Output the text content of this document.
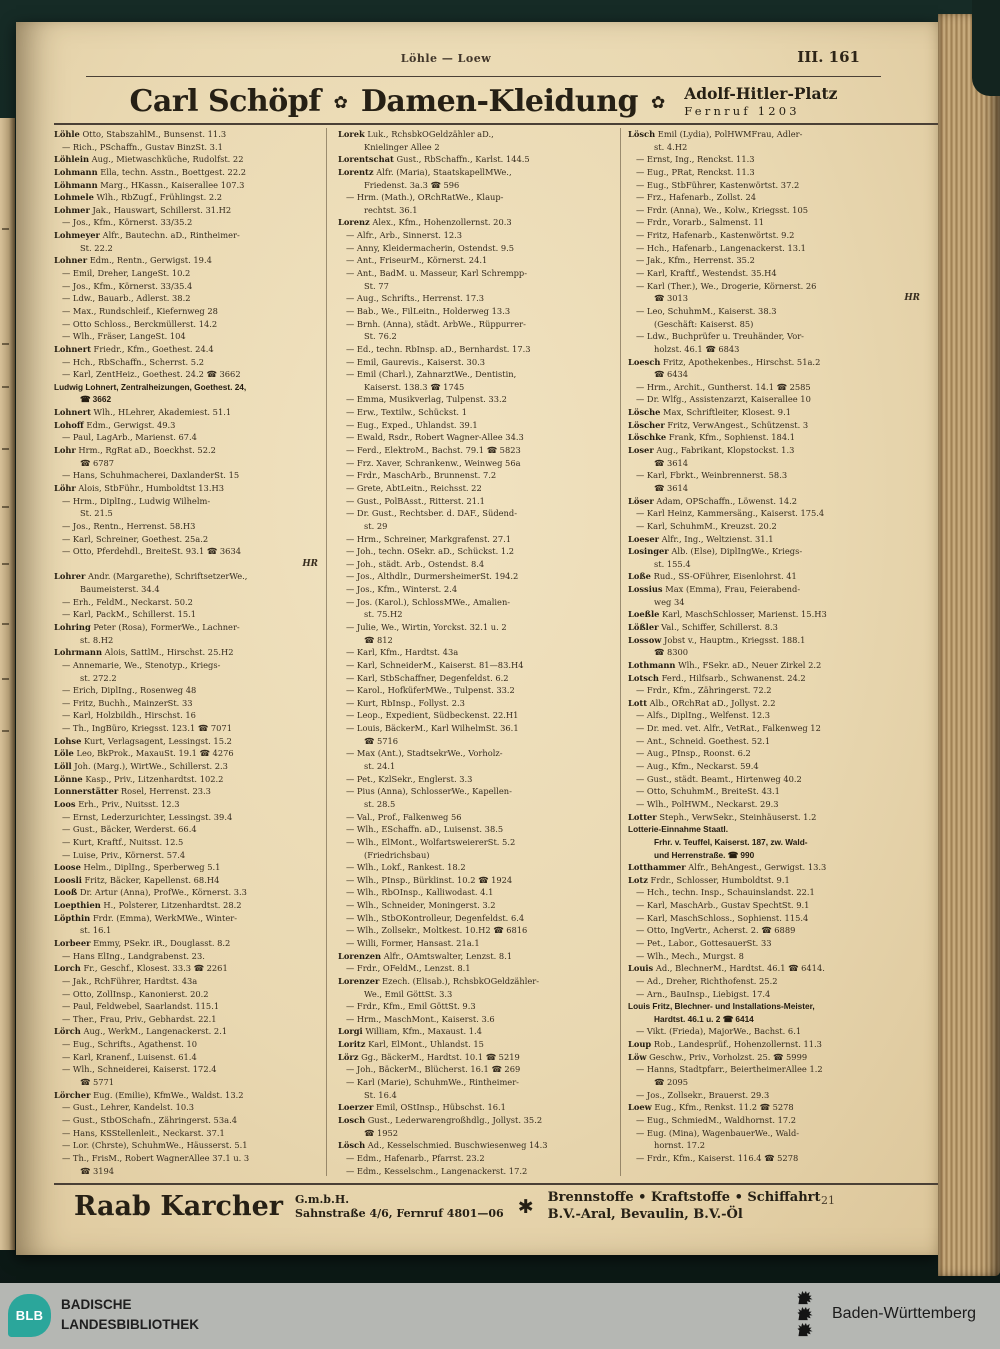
Löhle — Loew	III. 161
Carl Schöpf ✿ Damen-Kleidung ✿ Adolf-Hitler-Platz
Fernruf 1203
Löhle Otto, StabszahlM., Bunsenst. 11.3
— Rich., PSchaffn., Gustav BinzSt. 3.1
Löhlein Aug., Mietwaschküche, Rudolfst. 22
Lohmann Ella, techn. Asstn., Boettgest. 22.2
Löhmann Marg., HKassn., Kaiserallee 107.3
Lohmele Wlh., RbZugf., Frühlingst. 2.2
Lohmer Jak., Hauswart, Schillerst. 31.H2
— Jos., Kfm., Körnerst. 33/35.2
Lohmeyer Alfr., Bautechn. aD., Rintheimer-
St. 22.2
Lohner Edm., Rentn., Gerwigst. 19.4
— Emil, Dreher, LangeSt. 10.2
— Jos., Kfm., Körnerst. 33/35.4
— Ldw., Bauarb., Adlerst. 38.2
— Max., Rundschleif., Kiefernweg 28
— Otto Schloss., Berckmüllerst. 14.2
— Wlh., Fräser, LangeSt. 104
Lohnert Friedr., Kfm., Goethest. 24.4
— Hch., RbSchaffn., Scherrst. 5.2
— Karl, ZentHeiz., Goethest. 24.2 ☎ 3662
Ludwig Lohnert, Zentralheizungen, Goethest. 24,
☎ 3662
Lohnert Wlh., HLehrer, Akademiest. 51.1
Lohoff Edm., Gerwigst. 49.3
— Paul, LagArb., Marienst. 67.4
Lohr Hrm., RgRat aD., Boeckhst. 52.2
☎ 6787
— Hans, Schuhmacherei, DaxlanderSt. 15
Löhr Alois, StbFühr., Humboldtst 13.H3
— Hrm., DiplIng., Ludwig Wilhelm-
St. 21.5
— Jos., Rentn., Herrenst. 58.H3
— Karl, Schreiner, Goethest. 25a.2
— Otto, Pferdehdl., BreiteSt. 93.1 ☎ 3634
HR
Lohrer Andr. (Margarethe), SchriftsetzerWe.,
Baumeisterst. 34.4
— Erh., FeldM., Neckarst. 50.2
— Karl, PackM., Schillerst. 15.1
Lohring Peter (Rosa), FormerWe., Lachner-
st. 8.H2
Lohrmann Alois, SattlM., Hirschst. 25.H2
— Annemarie, We., Stenotyp., Kriegs-
st. 272.2
— Erich, DiplIng., Rosenweg 48
— Fritz, Buchh., MainzerSt. 33
— Karl, Holzbildh., Hirschst. 16
— Th., IngBüro, Kriegsst. 123.1 ☎ 7071
Lohse Kurt, Verlagsagent, Lessingst. 15.2
Löle Leo, BkProk., MaxauSt. 19.1 ☎ 4276
Löll Joh. (Marg.), WirtWe., Schillerst. 2.3
Lönne Kasp., Priv., Litzenhardtst. 102.2
Lonnerstätter Rosel, Herrenst. 23.3
Loos Erh., Priv., Nuitsst. 12.3
— Ernst, Lederzurichter, Lessingst. 39.4
— Gust., Bäcker, Werderst. 66.4
— Kurt, Kraftf., Nuitsst. 12.5
— Luise, Priv., Körnerst. 57.4
Loose Helm., DiplIng., Sperberweg 5.1
Loosli Fritz, Bäcker, Kapellenst. 68.H4
Looß Dr. Artur (Anna), ProfWe., Körnerst. 3.3
Loepthien H., Polsterer, Litzenhardtst. 28.2
Löpthin Frdr. (Emma), WerkMWe., Winter-
st. 16.1
Lorbeer Emmy, PSekr. iR., Douglasst. 8.2
— Hans ElIng., Landgrabenst. 23.
Lorch Fr., Geschf., Klosest. 33.3 ☎ 2261
— Jak., RchFührer, Hardtst. 43a
— Otto, ZollInsp., Kanonierst. 20.2
— Paul, Feldwebel, Saarlandst. 115.1
— Ther., Frau, Priv., Gebhardst. 22.1
Lörch Aug., WerkM., Langenackerst. 2.1
— Eug., Schrifts., Agathenst. 10
— Karl, Kranenf., Luisenst. 61.4
— Wlh., Schneiderei, Kaiserst. 172.4
☎ 5771
Lörcher Eug. (Emilie), KfmWe., Waldst. 13.2
— Gust., Lehrer, Kandelst. 10.3
— Gust., StbOSchafn., Zähringerst. 53a.4
— Hans, KSStellenleit., Neckarst. 37.1
— Lor. (Chrste), SchuhmWe., Häusserst. 5.1
— Th., FrisM., Robert WagnerAllee 37.1 u. 3
☎ 3194
Lorek Luk., RchsbkOGeldzähler aD.,
Knielinger Allee 2
Lorentschat Gust., RbSchaffn., Karlst. 144.5
Lorentz Alfr. (Maria), StaatskapellMWe.,
Friedenst. 3a.3 ☎ 596
— Hrm. (Math.), ORchRatWe., Klaup-
rechtst. 36.1
Lorenz Alex., Kfm., Hohenzollernst. 20.3
— Alfr., Arb., Sinnerst. 12.3
— Anny, Kleidermacherin, Ostendst. 9.5
— Ant., FriseurM., Körnerst. 24.1
— Ant., BadM. u. Masseur, Karl Schrempp-
St. 77
— Aug., Schrifts., Herrenst. 17.3
— Bab., We., FilLeitn., Holderweg 13.3
— Brnh. (Anna), städt. ArbWe., Rüppurrer-
St. 76.2
— Ed., techn. RbInsp. aD., Bernhardst. 17.3
— Emil, Gaurevis., Kaiserst. 30.3
— Emil (Charl.), ZahnarztWe., Dentistin,
Kaiserst. 138.3 ☎ 1745
— Emma, Musikverlag, Tulpenst. 33.2
— Erw., Textilw., Schückst. 1
— Eug., Exped., Uhlandst. 39.1
— Ewald, Rsdr., Robert Wagner-Allee 34.3
— Ferd., ElektroM., Bachst. 79.1 ☎ 5823
— Frz. Xaver, Schrankenw., Weinweg 56a
— Frdr., MaschArb., Brunnenst. 7.2
— Grete, AbtLeitn., Reichsst. 22
— Gust., PolBAsst., Ritterst. 21.1
— Dr. Gust., Rechtsber. d. DAF., Südend-
st. 29
— Hrm., Schreiner, Markgrafenst. 27.1
— Joh., techn. OSekr. aD., Schückst. 1.2
— Joh., städt. Arb., Ostendst. 8.4
— Jos., Althdlr., DurmersheimerSt. 194.2
— Jos., Kfm., Winterst. 2.4
— Jos. (Karol.), SchlossMWe., Amalien-
st. 75.H2
— Julie, We., Wirtin, Yorckst. 32.1 u. 2
☎ 812
— Karl, Kfm., Hardtst. 43a
— Karl, SchneiderM., Kaiserst. 81—83.H4
— Karl, StbSchaffner, Degenfeldst. 6.2
— Karol., HofküferMWe., Tulpenst. 33.2
— Kurt, RbInsp., Follyst. 2.3
— Leop., Expedient, Südbeckenst. 22.H1
— Louis, BäckerM., Karl WilhelmSt. 36.1
☎ 5716
— Max (Ant.), StadtsekrWe., Vorholz-
st. 24.1
— Pet., KzlSekr., Englerst. 3.3
— Pius (Anna), SchlosserWe., Kapellen-
st. 28.5
— Val., Prof., Falkenweg 56
— Wlh., ESchaffn. aD., Luisenst. 38.5
— Wlh., ElMont., WolfartsweiererSt. 5.2
(Friedrichsbau)
— Wlh., Lokf., Rankest. 18.2
— Wlh., PInsp., Bürklinst. 10.2 ☎ 1924
— Wlh., RbOInsp., Kalliwodast. 4.1
— Wlh., Schneider, Moningerst. 3.2
— Wlh., StbOKontrolleur, Degenfeldst. 6.4
— Wlh., Zollsekr., Moltkest. 10.H2 ☎ 6816
— Willi, Former, Hansast. 21a.1
Lorenzen Alfr., OAmtswalter, Lenzst. 8.1
— Frdr., OFeldM., Lenzst. 8.1
Lorenzer Ezech. (Elisab.), RchsbkOGeldzähler-
We., Emil GöttSt. 3.3
— Frdr., Kfm., Emil GöttSt. 9.3
— Hrm., MaschMont., Kaiserst. 3.6
Lorgi William, Kfm., Maxaust. 1.4
Loritz Karl, ElMont., Uhlandst. 15
Lörz Gg., BäckerM., Hardtst. 10.1 ☎ 5219
— Joh., BäckerM., Blücherst. 16.1 ☎ 269
— Karl (Marie), SchuhmWe., Rintheimer-
St. 16.4
Loerzer Emil, OStInsp., Hübschst. 16.1
Losch Gust., Lederwarengroßhdlg., Jollyst. 35.2
☎ 1952
Lösch Ad., Kesselschmied. Buschwiesenweg 14.3
— Edm., Hafenarb., Pfarrst. 23.2
— Edm., Kesselschm., Langenackerst. 17.2
Lösch Emil (Lydia), PolHWMFrau, Adler-
st. 4.H2
— Ernst, Ing., Renckst. 11.3
— Eug., PRat, Renckst. 11.3
— Eug., StbFührer, Kastenwörtst. 37.2
— Frz., Hafenarb., Zollst. 24
— Frdr. (Anna), We., Kolw., Kriegsst. 105
— Frdr., Vorarb., Salmenst. 11
— Fritz, Hafenarb., Kastenwörtst. 9.2
— Hch., Hafenarb., Langenackerst. 13.1
— Jak., Kfm., Herrenst. 35.2
— Karl, Kraftf., Westendst. 35.H4
— Karl (Ther.), We., Drogerie, Körnerst. 26
☎ 3013	HR
— Leo, SchuhmM., Kaiserst. 38.3
(Geschäft: Kaiserst. 85)
— Ldw., Buchprüfer u. Treuhänder, Vor-
holzst. 46.1 ☎ 6843
Loesch Fritz, Apothekenbes., Hirschst. 51a.2
☎ 6434
— Hrm., Archit., Guntherst. 14.1 ☎ 2585
— Dr. Wlfg., Assistenzarzt, Kaiserallee 10
Lösche Max, Schriftleiter, Klosest. 9.1
Löscher Fritz, VerwAngest., Schützenst. 3
Löschke Frank, Kfm., Sophienst. 184.1
Loser Aug., Fabrikant, Klopstockst. 1.3
☎ 3614
— Karl, Fbrkt., Weinbrennerst. 58.3
☎ 3614
Löser Adam, OPSchaffn., Löwenst. 14.2
— Karl Heinz, Kammersäng., Kaiserst. 175.4
— Karl, SchuhmM., Kreuzst. 20.2
Loeser Alfr., Ing., Weltzienst. 31.1
Losinger Alb. (Else), DiplIngWe., Kriegs-
st. 155.4
Loße Rud., SS-OFührer, Eisenlohrst. 41
Lossius Max (Emma), Frau, Feierabend-
weg 34
Loeßle Karl, MaschSchlosser, Marienst. 15.H3
Lößler Val., Schiffer, Schillerst. 8.3
Lossow Jobst v., Hauptm., Kriegsst. 188.1
☎ 8300
Lothmann Wlh., FSekr. aD., Neuer Zirkel 2.2
Lotsch Ferd., Hilfsarb., Schwanenst. 24.2
— Frdr., Kfm., Zähringerst. 72.2
Lott Alb., ORchRat aD., Jollyst. 2.2
— Alfs., DiplIng., Welfenst. 12.3
— Dr. med. vet. Alfr., VetRat., Falkenweg 12
— Ant., Schneid. Goethest. 52.1
— Aug., PInsp., Roonst. 6.2
— Aug., Kfm., Neckarst. 59.4
— Gust., städt. Beamt., Hirtenweg 40.2
— Otto, SchuhmM., BreiteSt. 43.1
— Wlh., PolHWM., Neckarst. 29.3
Lotter Steph., VerwSekr., Steinhäuserst. 1.2
Lotterie-Einnahme Staatl.
Frhr. v. Teuffel, Kaiserst. 187, zw. Wald-
und Herrenstraße. ☎ 990
Lotthammer Alfr., BehAngest., Gerwigst. 13.3
Lotz Frdr., Schlosser, Humboldtst. 9.1
— Hch., techn. Insp., Schauinslandst. 22.1
— Karl, MaschArb., Gustav SpechtSt. 9.1
— Karl, MaschSchloss., Sophienst. 115.4
— Otto, IngVertr., Acherst. 2. ☎ 6889
— Pet., Labor., GottesauerSt. 33
— Wlh., Mech., Murgst. 8
Louis Ad., BlechnerM., Hardtst. 46.1 ☎ 6414.
— Ad., Dreher, Richthofenst. 25.2
— Arn., BauInsp., Liebigst. 17.4
Louis Fritz, Blechner- und Installations-Meister,
Hardtst. 46.1 u. 2 ☎ 6414
— Vikt. (Frieda), MajorWe., Bachst. 6.1
Loup Rob., Landesprüf., Hohenzollernst. 11.3
Löw Geschw., Priv., Vorholzst. 25. ☎ 5999
— Hanns, Stadtpfarr., BeiertheimerAllee 1.2
☎ 2095
— Jos., Zollsekr., Brauerst. 29.3
Loew Eug., Kfm., Renkst. 11.2 ☎ 5278
— Eug., SchmiedM., Waldhornst. 17.2
— Eug. (Mina), WagenbauerWe., Wald-
hornst. 17.2
— Frdr., Kfm., Kaiserst. 116.4 ☎ 5278
Raab Karcher G.m.b.H.
Sahnstraße 4/6, Fernruf 4801—06 ✱ Brennstoffe • Kraftstoffe • Schiffahrt
B.V.-Aral, Bevaulin, B.V.-Öl
21
BLB
BADISCHE
LANDESBIBLIOTHEK
Baden-Württemberg
